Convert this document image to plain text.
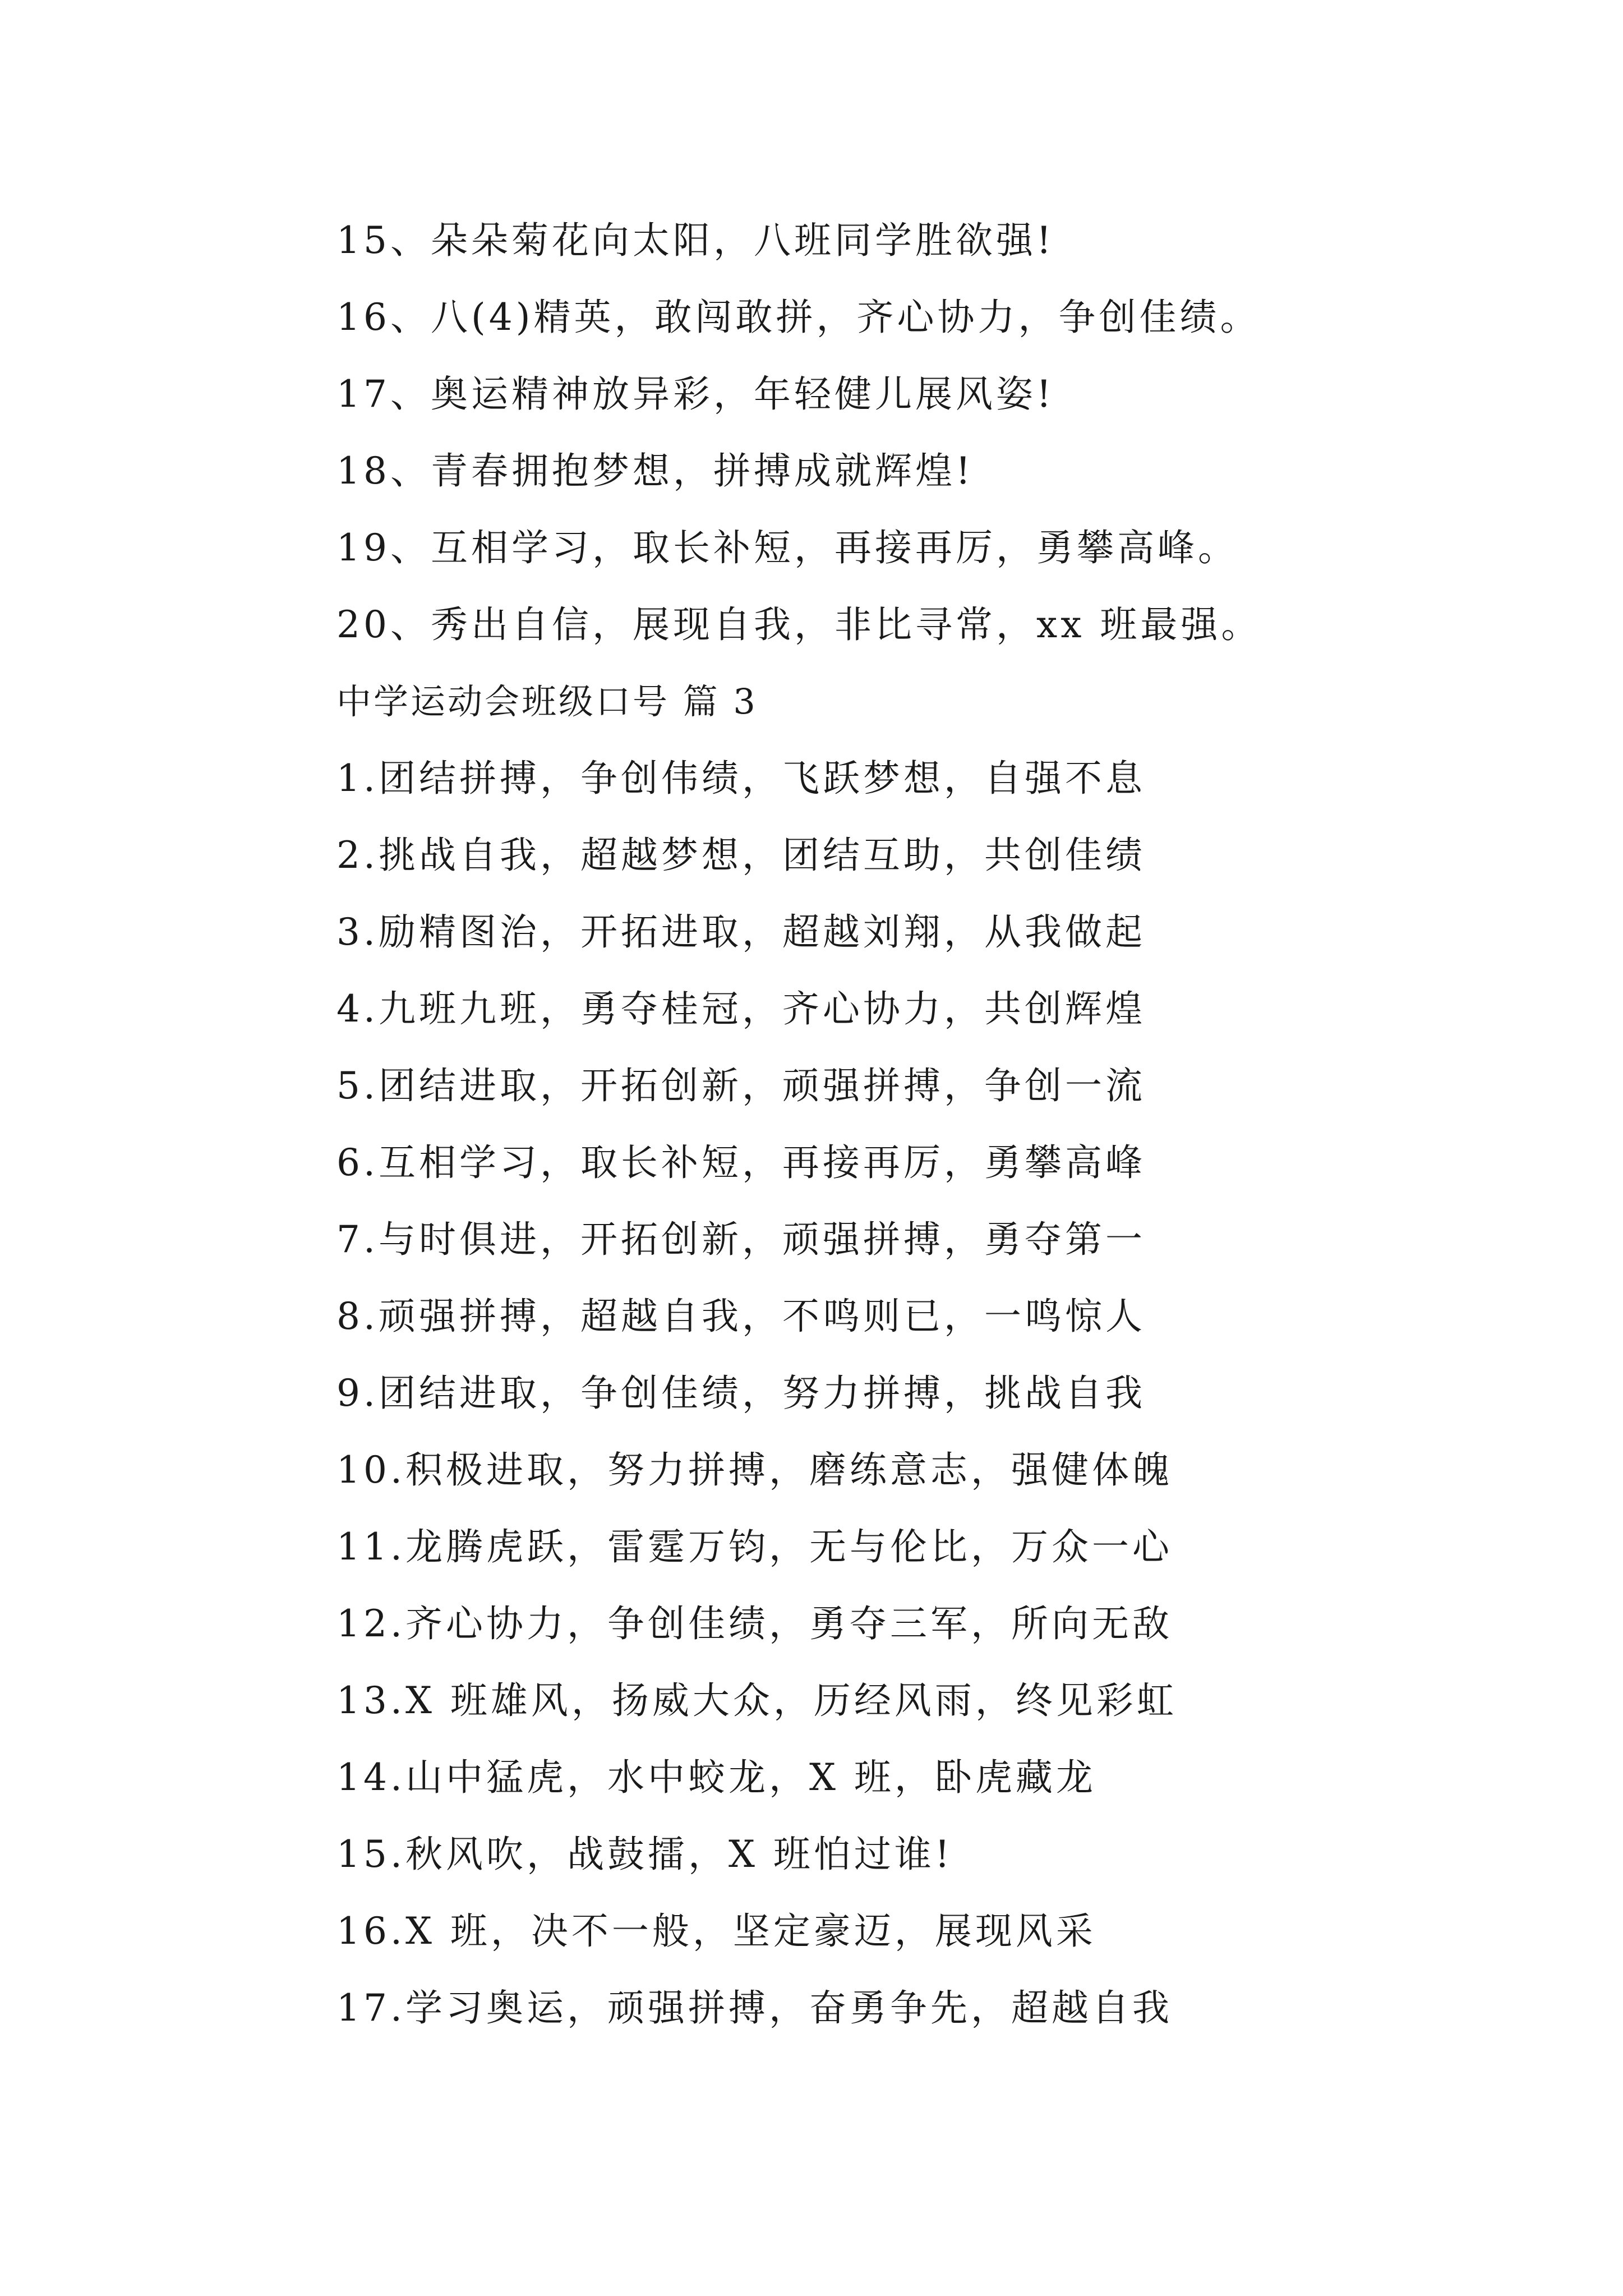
15、朵朵菊花向太阳，八班同学胜欲强!
16、八(4)精英，敢闯敢拼，齐心协力，争创佳绩。
17、奥运精神放异彩，年轻健儿展风姿!
18、青春拥抱梦想，拼搏成就辉煌!
19、互相学习，取长补短，再接再厉，勇攀高峰。
20、秀出自信，展现自我，非比寻常，xx 班最强。
中学运动会班级口号 篇 3
1.团结拼搏，争创伟绩，飞跃梦想，自强不息
2.挑战自我，超越梦想，团结互助，共创佳绩
3.励精图治，开拓进取，超越刘翔，从我做起
4.九班九班，勇夺桂冠，齐心协力，共创辉煌
5.团结进取，开拓创新，顽强拼搏，争创一流
6.互相学习，取长补短，再接再厉，勇攀高峰
7.与时俱进，开拓创新，顽强拼搏，勇夺第一
8.顽强拼搏，超越自我，不鸣则已，一鸣惊人
9.团结进取，争创佳绩，努力拼搏，挑战自我
10.积极进取，努力拼搏，磨练意志，强健体魄
11.龙腾虎跃，雷霆万钧，无与伦比，万众一心
12.齐心协力，争创佳绩，勇夺三军，所向无敌
13.X 班雄风，扬威大众，历经风雨，终见彩虹
14.山中猛虎，水中蛟龙，X 班，卧虎藏龙
15.秋风吹，战鼓擂，X 班怕过谁!
16.X 班，决不一般，坚定豪迈，展现风采
17.学习奥运，顽强拼搏，奋勇争先，超越自我
